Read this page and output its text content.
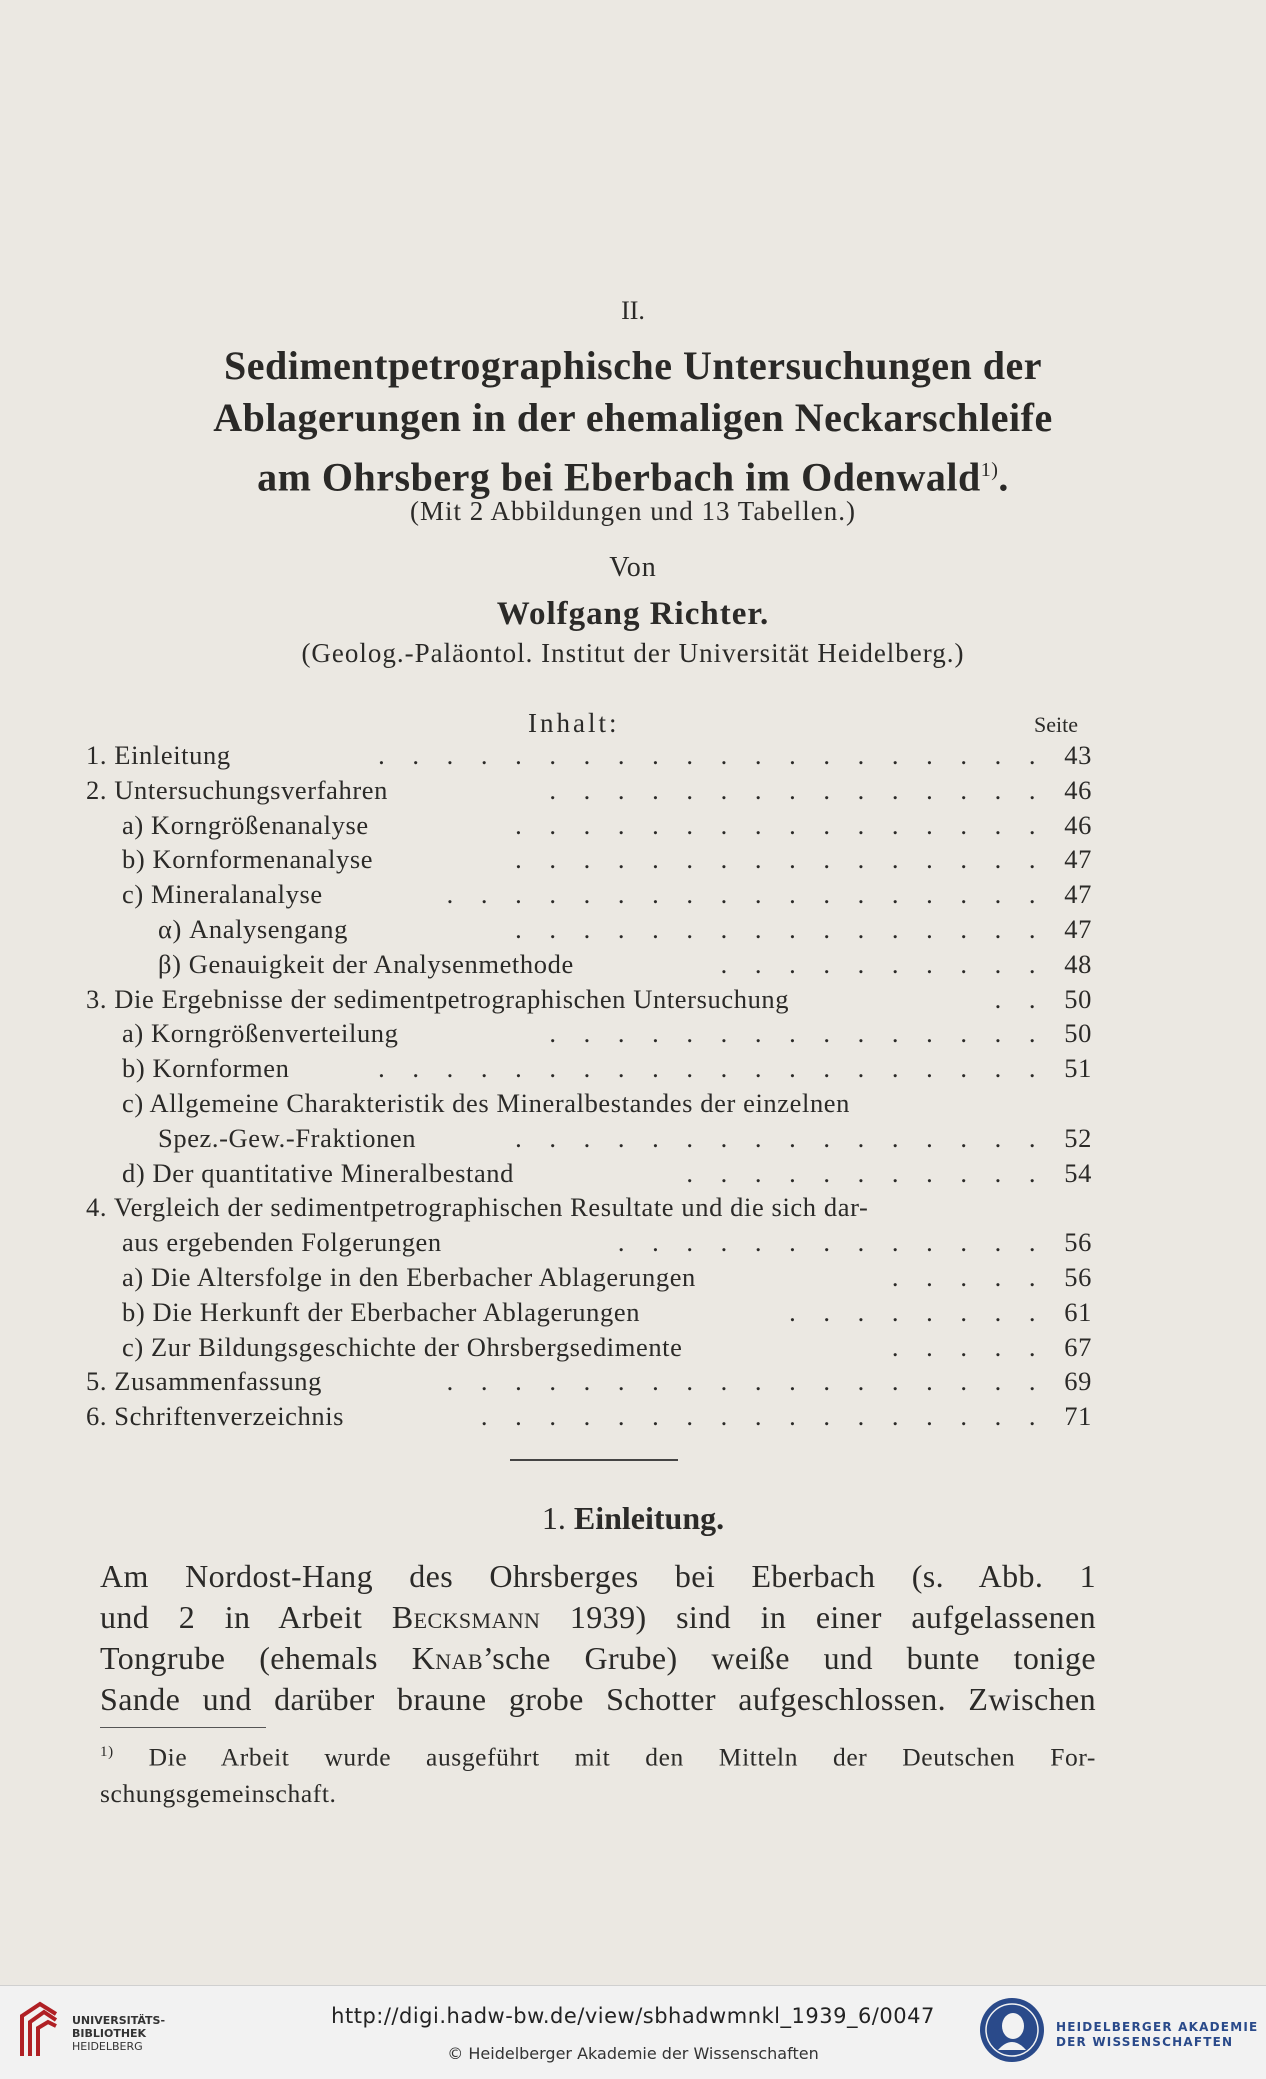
II.
Sedimentpetrographische Untersuchungen der
Ablagerungen in der ehemaligen Neckarschleife
am Ohrsberg bei Eberbach im Odenwald$^{1)}$.
(Mit 2 Abbildungen und 13 Tabellen.)
Von
Wolfgang Richter.
(Geolog.-Paläontol. Institut der Universität Heidelberg.)
Inhalt:	Seite
1. Einleitung	. . . . . . . . . . . . . . . . . . . . 43
2. Untersuchungsverfahren	. . . . . . . . . . . . . . . 46
a) Korngrößenanalyse	. . . . . . . . . . . . . . . . 46
b) Kornformenanalyse	. . . . . . . . . . . . . . . . 47
c) Mineralanalyse	. . . . . . . . . . . . . . . . . . 47
α) Analysengang	. . . . . . . . . . . . . . . . 47
β) Genauigkeit der Analysenmethode	. . . . . . . . . . 48
3. Die Ergebnisse der sedimentpetrographischen Untersuchung	. . 50
a) Korngrößenverteilung	. . . . . . . . . . . . . . . 50
b) Kornformen	. . . . . . . . . . . . . . . . . . . . 51
c) Allgemeine Charakteristik des Mineralbestandes der einzelnen
Spez.-Gew.-Fraktionen	. . . . . . . . . . . . . . . . 52
d) Der quantitative Mineralbestand	. . . . . . . . . . . 54
4. Vergleich der sedimentpetrographischen Resultate und die sich dar-
aus ergebenden Folgerungen	. . . . . . . . . . . . . 56
a) Die Altersfolge in den Eberbacher Ablagerungen	. . . . . 56
b) Die Herkunft der Eberbacher Ablagerungen	. . . . . . . . 61
c) Zur Bildungsgeschichte der Ohrsbergsedimente	. . . . . 67
5. Zusammenfassung	. . . . . . . . . . . . . . . . . . 69
6. Schriftenverzeichnis	. . . . . . . . . . . . . . . . . 71
1. Einleitung.
Am Nordost-Hang des Ohrsberges bei Eberbach (s. Abb. 1
und 2 in Arbeit Becksmann 1939) sind in einer aufgelassenen
Tongrube (ehemals Knab’sche Grube) weiße und bunte tonige
Sande und darüber braune grobe Schotter aufgeschlossen. Zwischen
$^{1)}$ Die Arbeit wurde ausgeführt mit den Mitteln der Deutschen For-
schungsgemeinschaft.
UNIVERSITÄTS-
BIBLIOTHEK
HEIDELBERG
http://digi.hadw-bw.de/view/sbhadwmnkl_1939_6/0047
© Heidelberger Akademie der Wissenschaften
HEIDELBERGER AKADEMIE
DER WISSENSCHAFTEN
